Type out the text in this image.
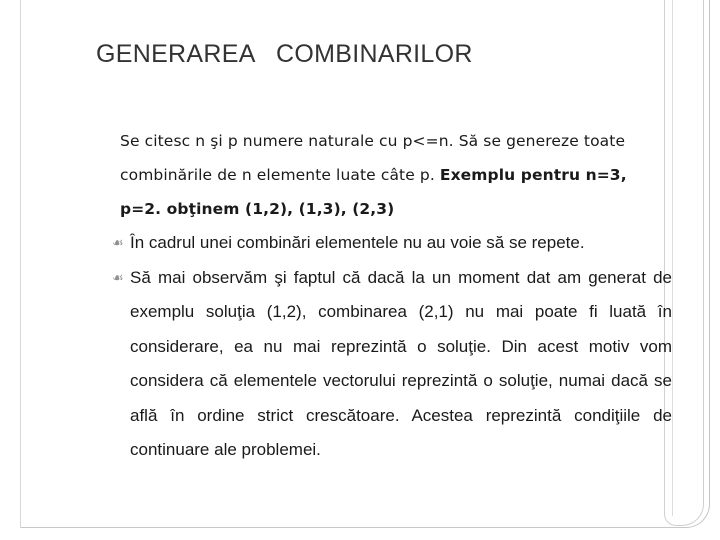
GENERAREA   COMBINARILOR

Se citesc n şi p numere naturale cu p<=n. Să se genereze toate
combinările de n elemente luate câte p. Exemplu pentru n=3,
p=2. obţinem (1,2), (1,3), (2,3)

☙ În cadrul unei combinări elementele nu au voie să se repete.

☙ Să mai observăm şi faptul că dacă la un moment dat am generat de exemplu soluţia (1,2), combinarea (2,1) nu mai poate fi luată în considerare, ea nu mai reprezintă o soluţie. Din acest motiv vom considera că elementele vectorului reprezintă o soluţie, numai dacă se află în ordine strict crescătoare. Acestea reprezintă condiţiile de continuare ale problemei.
